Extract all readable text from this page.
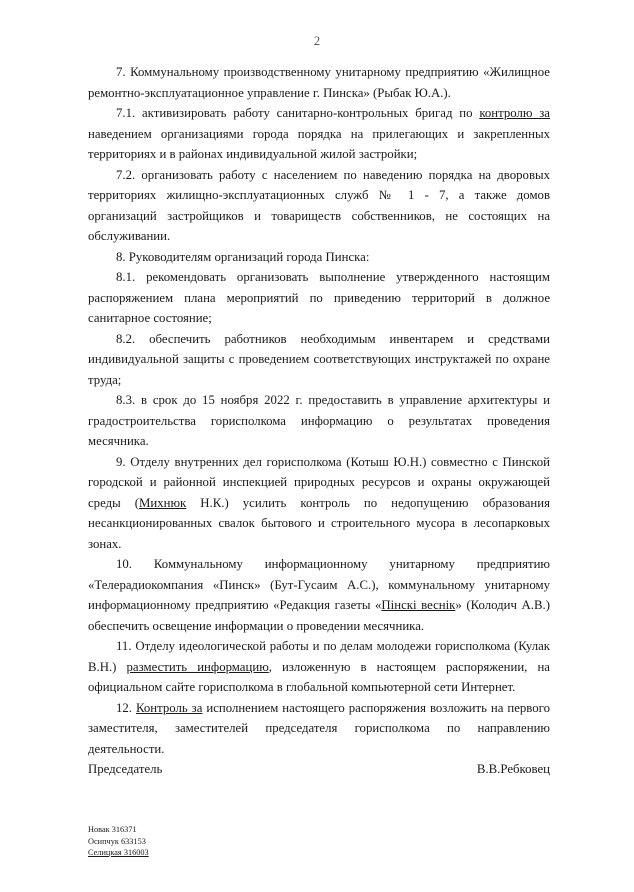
2

7. Коммунальному производственному унитарному предприятию «Жилищное ремонтно-эксплуатационное управление г. Пинска» (Рыбак Ю.А.).

7.1. активизировать работу санитарно-контрольных бригад по контролю за наведением организациями города порядка на прилегающих и закрепленных территориях и в районах индивидуальной жилой застройки;

7.2. организовать работу с населением по наведению порядка на дворовых территориях жилищно-эксплуатационных служб № 1 - 7, а также домов организаций застройщиков и товариществ собственников, не состоящих на обслуживании.

8. Руководителям организаций города Пинска:

8.1. рекомендовать организовать выполнение утвержденного настоящим распоряжением плана мероприятий по приведению территорий в должное санитарное состояние;

8.2. обеспечить работников необходимым инвентарем и средствами индивидуальной защиты с проведением соответствующих инструктажей по охране труда;

8.3. в срок до 15 ноября 2022 г. предоставить в управление архитектуры и градостроительства горисполкома информацию о результатах проведения месячника.

9. Отделу внутренних дел горисполкома (Котыш Ю.Н.) совместно с Пинской городской и районной инспекцией природных ресурсов и охраны окружающей среды (Михнюк Н.К.) усилить контроль по недопущению образования несанкционированных свалок бытового и строительного мусора в лесопарковых зонах.

10. Коммунальному информационному унитарному предприятию «Телерадиокомпания «Пинск» (Бут-Гусаим А.С.), коммунальному унитарному информационному предприятию «Редакция газеты «Пінскі веснік» (Колодич А.В.) обеспечить освещение информации о проведении месячника.

11. Отделу идеологической работы и по делам молодежи горисполкома (Кулак В.Н.) разместить информацию, изложенную в настоящем распоряжении, на официальном сайте горисполкома в глобальной компьютерной сети Интернет.

12. Контроль за исполнением настоящего распоряжения возложить на первого заместителя, заместителей председателя горисполкома по направлению деятельности.

Председатель	В.В.Ребковец
Новак 316371
Осипчук 633153
Селицкая 316003
